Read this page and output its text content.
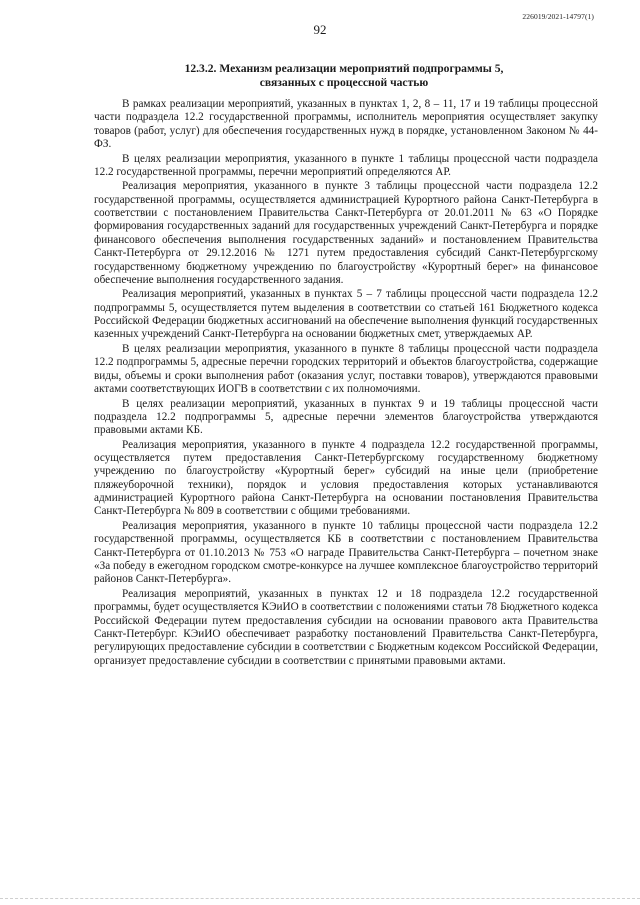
226019/2021-14797(1)
92
12.3.2. Механизм реализации мероприятий подпрограммы 5,
связанных с процессной частью

В рамках реализации мероприятий, указанных в пунктах 1, 2, 8 – 11, 17 и 19 таблицы процессной части подраздела 12.2 государственной программы, исполнитель мероприятия осуществляет закупку товаров (работ, услуг) для обеспечения государственных нужд в порядке, установленном Законом № 44-ФЗ.

В целях реализации мероприятия, указанного в пункте 1 таблицы процессной части подраздела 12.2 государственной программы, перечни мероприятий определяются АР.

Реализация мероприятия, указанного в пункте 3 таблицы процессной части подраздела 12.2 государственной программы, осуществляется администрацией Курортного района Санкт-Петербурга в соответствии с постановлением Правительства Санкт-Петербурга от 20.01.2011 № 63 «О Порядке формирования государственных заданий для государственных учреждений Санкт-Петербурга и порядке финансового обеспечения выполнения государственных заданий» и постановлением Правительства Санкт-Петербурга от 29.12.2016 № 1271 путем предоставления субсидий Санкт-Петербургскому государственному бюджетному учреждению по благоустройству «Курортный берег» на финансовое обеспечение выполнения государственного задания.

Реализация мероприятий, указанных в пунктах 5 – 7 таблицы процессной части подраздела 12.2 подпрограммы 5, осуществляется путем выделения в соответствии со статьей 161 Бюджетного кодекса Российской Федерации бюджетных ассигнований на обеспечение выполнения функций государственных казенных учреждений Санкт-Петербурга на основании бюджетных смет, утверждаемых АР.

В целях реализации мероприятия, указанного в пункте 8 таблицы процессной части подраздела 12.2 подпрограммы 5, адресные перечни городских территорий и объектов благоустройства, содержащие виды, объемы и сроки выполнения работ (оказания услуг, поставки товаров), утверждаются правовыми актами соответствующих ИОГВ в соответствии с их полномочиями.

В целях реализации мероприятий, указанных в пунктах 9 и 19 таблицы процессной части подраздела 12.2 подпрограммы 5, адресные перечни элементов благоустройства утверждаются правовыми актами КБ.

Реализация мероприятия, указанного в пункте 4 подраздела 12.2 государственной программы, осуществляется путем предоставления Санкт-Петербургскому государственному бюджетному учреждению по благоустройству «Курортный берег» субсидий на иные цели (приобретение пляжеуборочной техники), порядок и условия предоставления которых устанавливаются администрацией Курортного района Санкт-Петербурга на основании постановления Правительства Санкт-Петербурга № 809 в соответствии с общими требованиями.

Реализация мероприятия, указанного в пункте 10 таблицы процессной части подраздела 12.2 государственной программы, осуществляется КБ в соответствии с постановлением Правительства Санкт-Петербурга от 01.10.2013 № 753 «О награде Правительства Санкт-Петербурга – почетном знаке «За победу в ежегодном городском смотре-конкурсе на лучшее комплексное благоустройство территорий районов Санкт-Петербурга».

Реализация мероприятий, указанных в пунктах 12 и 18 подраздела 12.2 государственной программы, будет осуществляется КЭиИО в соответствии с положениями статьи 78 Бюджетного кодекса Российской Федерации путем предоставления субсидии на основании правового акта Правительства Санкт-Петербург. КЭиИО обеспечивает разработку постановлений Правительства Санкт-Петербурга, регулирующих предоставление субсидии в соответствии с Бюджетным кодексом Российской Федерации, организует предоставление субсидии в соответствии с принятыми правовыми актами.
